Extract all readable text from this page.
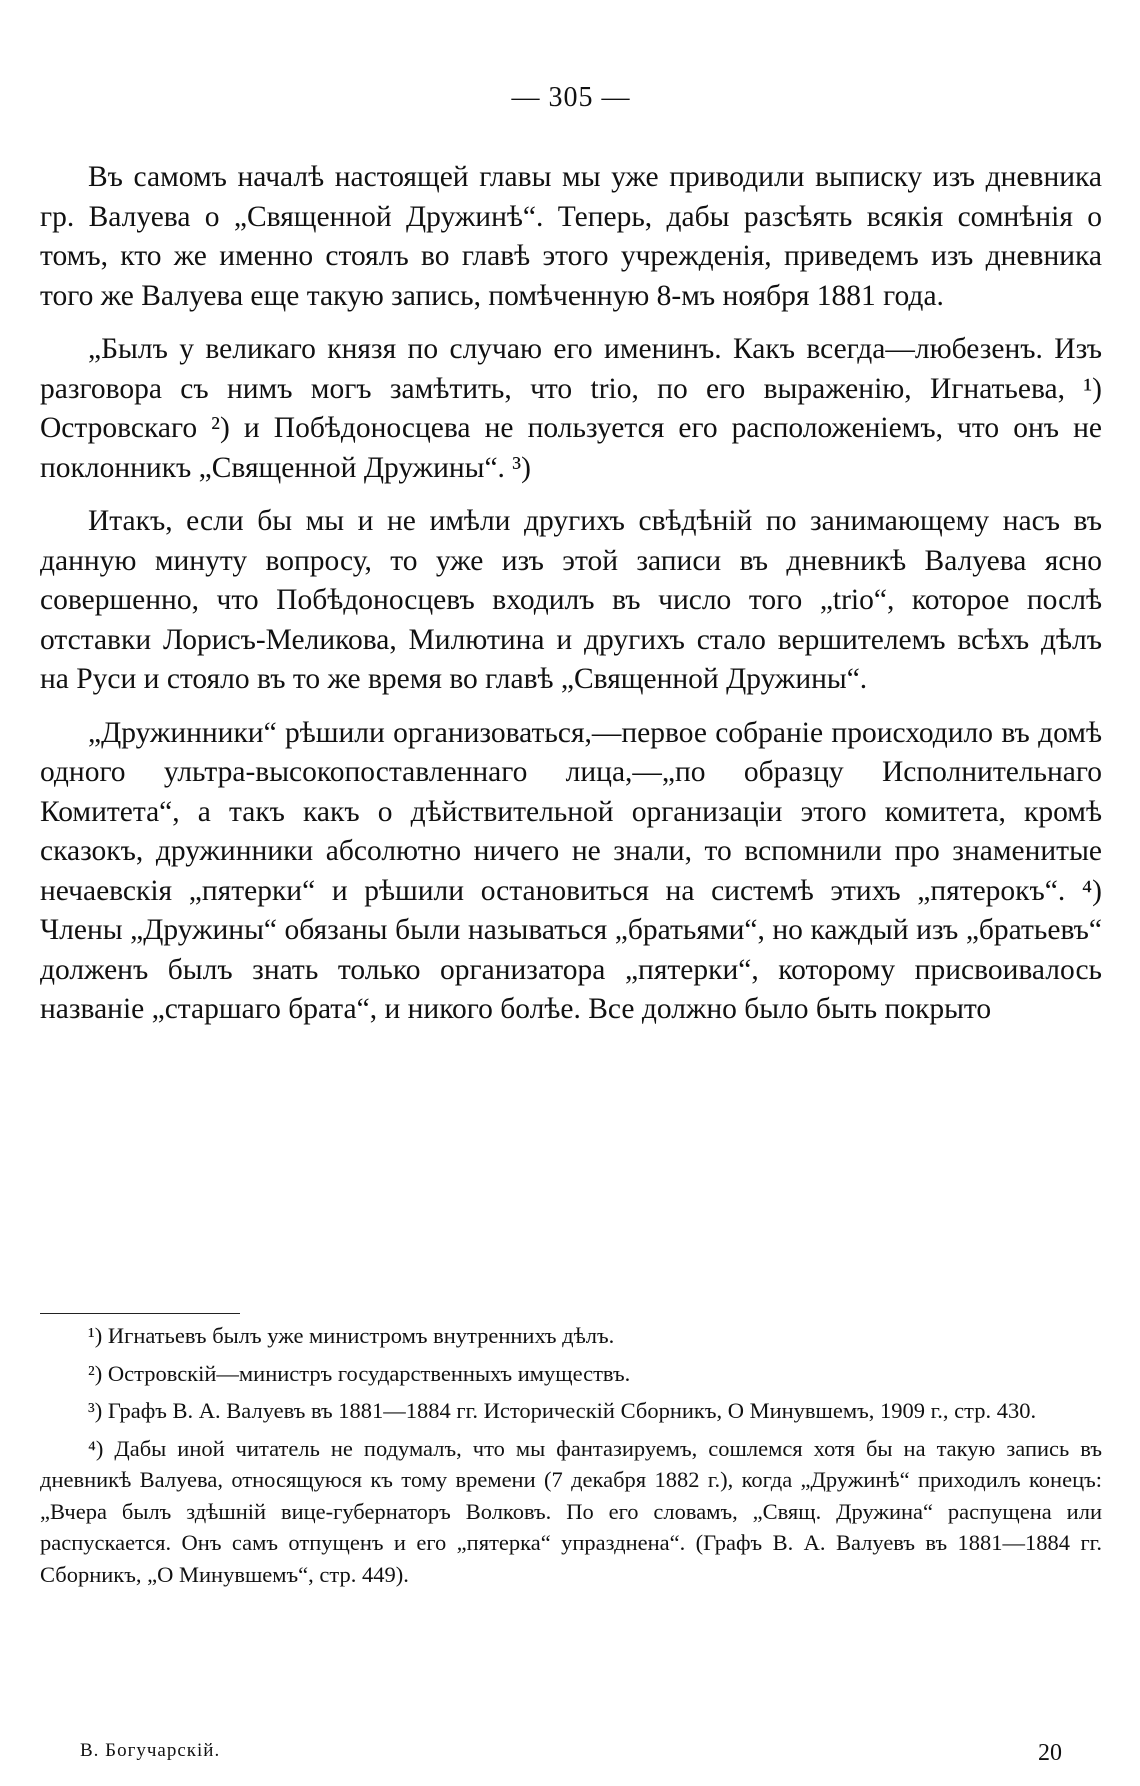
— 305 —

Въ самомъ началѣ настоящей главы мы уже приводили выписку изъ дневника гр. Валуева о „Священной Дружинѣ“. Теперь, дабы разсѣять всякія сомнѣнія о томъ, кто же именно стоялъ во главѣ этого учрежденія, приведемъ изъ дневника того же Валуева еще такую запись, помѣченную 8-мъ ноября 1881 года.

„Былъ у великаго князя по случаю его именинъ. Какъ всегда—любезенъ. Изъ разговора съ нимъ могъ замѣтить, что trio, по его выраженію, Игнатьева, ¹) Островскаго ²) и Побѣдоносцева не пользуется его расположеніемъ, что онъ не поклонникъ „Священной Дружины“. ³)

Итакъ, если бы мы и не имѣли другихъ свѣдѣній по занимающему насъ въ данную минуту вопросу, то уже изъ этой записи въ дневникѣ Валуева ясно совершенно, что Побѣдоносцевъ входилъ въ число того „trio“, которое послѣ отставки Лорисъ-Меликова, Милютина и другихъ стало вершителемъ всѣхъ дѣлъ на Руси и стояло въ то же время во главѣ „Священной Дружины“.

„Дружинники“ рѣшили организоваться,—первое собраніе происходило въ домѣ одного ультра-высокопоставленнаго лица,—„по образцу Исполнительнаго Комитета“, а такъ какъ о дѣйствительной организаціи этого комитета, кромѣ сказокъ, дружинники абсолютно ничего не знали, то вспомнили про знаменитые нечаевскія „пятерки“ и рѣшили остановиться на системѣ этихъ „пятерокъ“. ⁴) Члены „Дружины“ обязаны были называться „братьями“, но каждый изъ „братьевъ“ долженъ былъ знать только организатора „пятерки“, которому присвоивалось названіе „старшаго брата“, и никого болѣе. Все должно было быть покрыто

¹) Игнатьевъ былъ уже министромъ внутреннихъ дѣлъ.

²) Островскій—министръ государственныхъ имуществъ.

³) Графъ В. А. Валуевъ въ 1881—1884 гг. Историческій Сборникъ, О Минувшемъ, 1909 г., стр. 430.

⁴) Дабы иной читатель не подумалъ, что мы фантазируемъ, сошлемся хотя бы на такую запись въ дневникѣ Валуева, относящуюся къ тому времени (7 декабря 1882 г.), когда „Дружинѣ“ приходилъ конецъ: „Вчера былъ здѣшній вице-губернаторъ Волковъ. По его словамъ, „Свящ. Дружина“ распущена или распускается. Онъ самъ отпущенъ и его „пятерка“ упразднена“. (Графъ В. А. Валуевъ въ 1881—1884 гг. Сборникъ, „О Минувшемъ“, стр. 449).

В. Богучарскій.	20
